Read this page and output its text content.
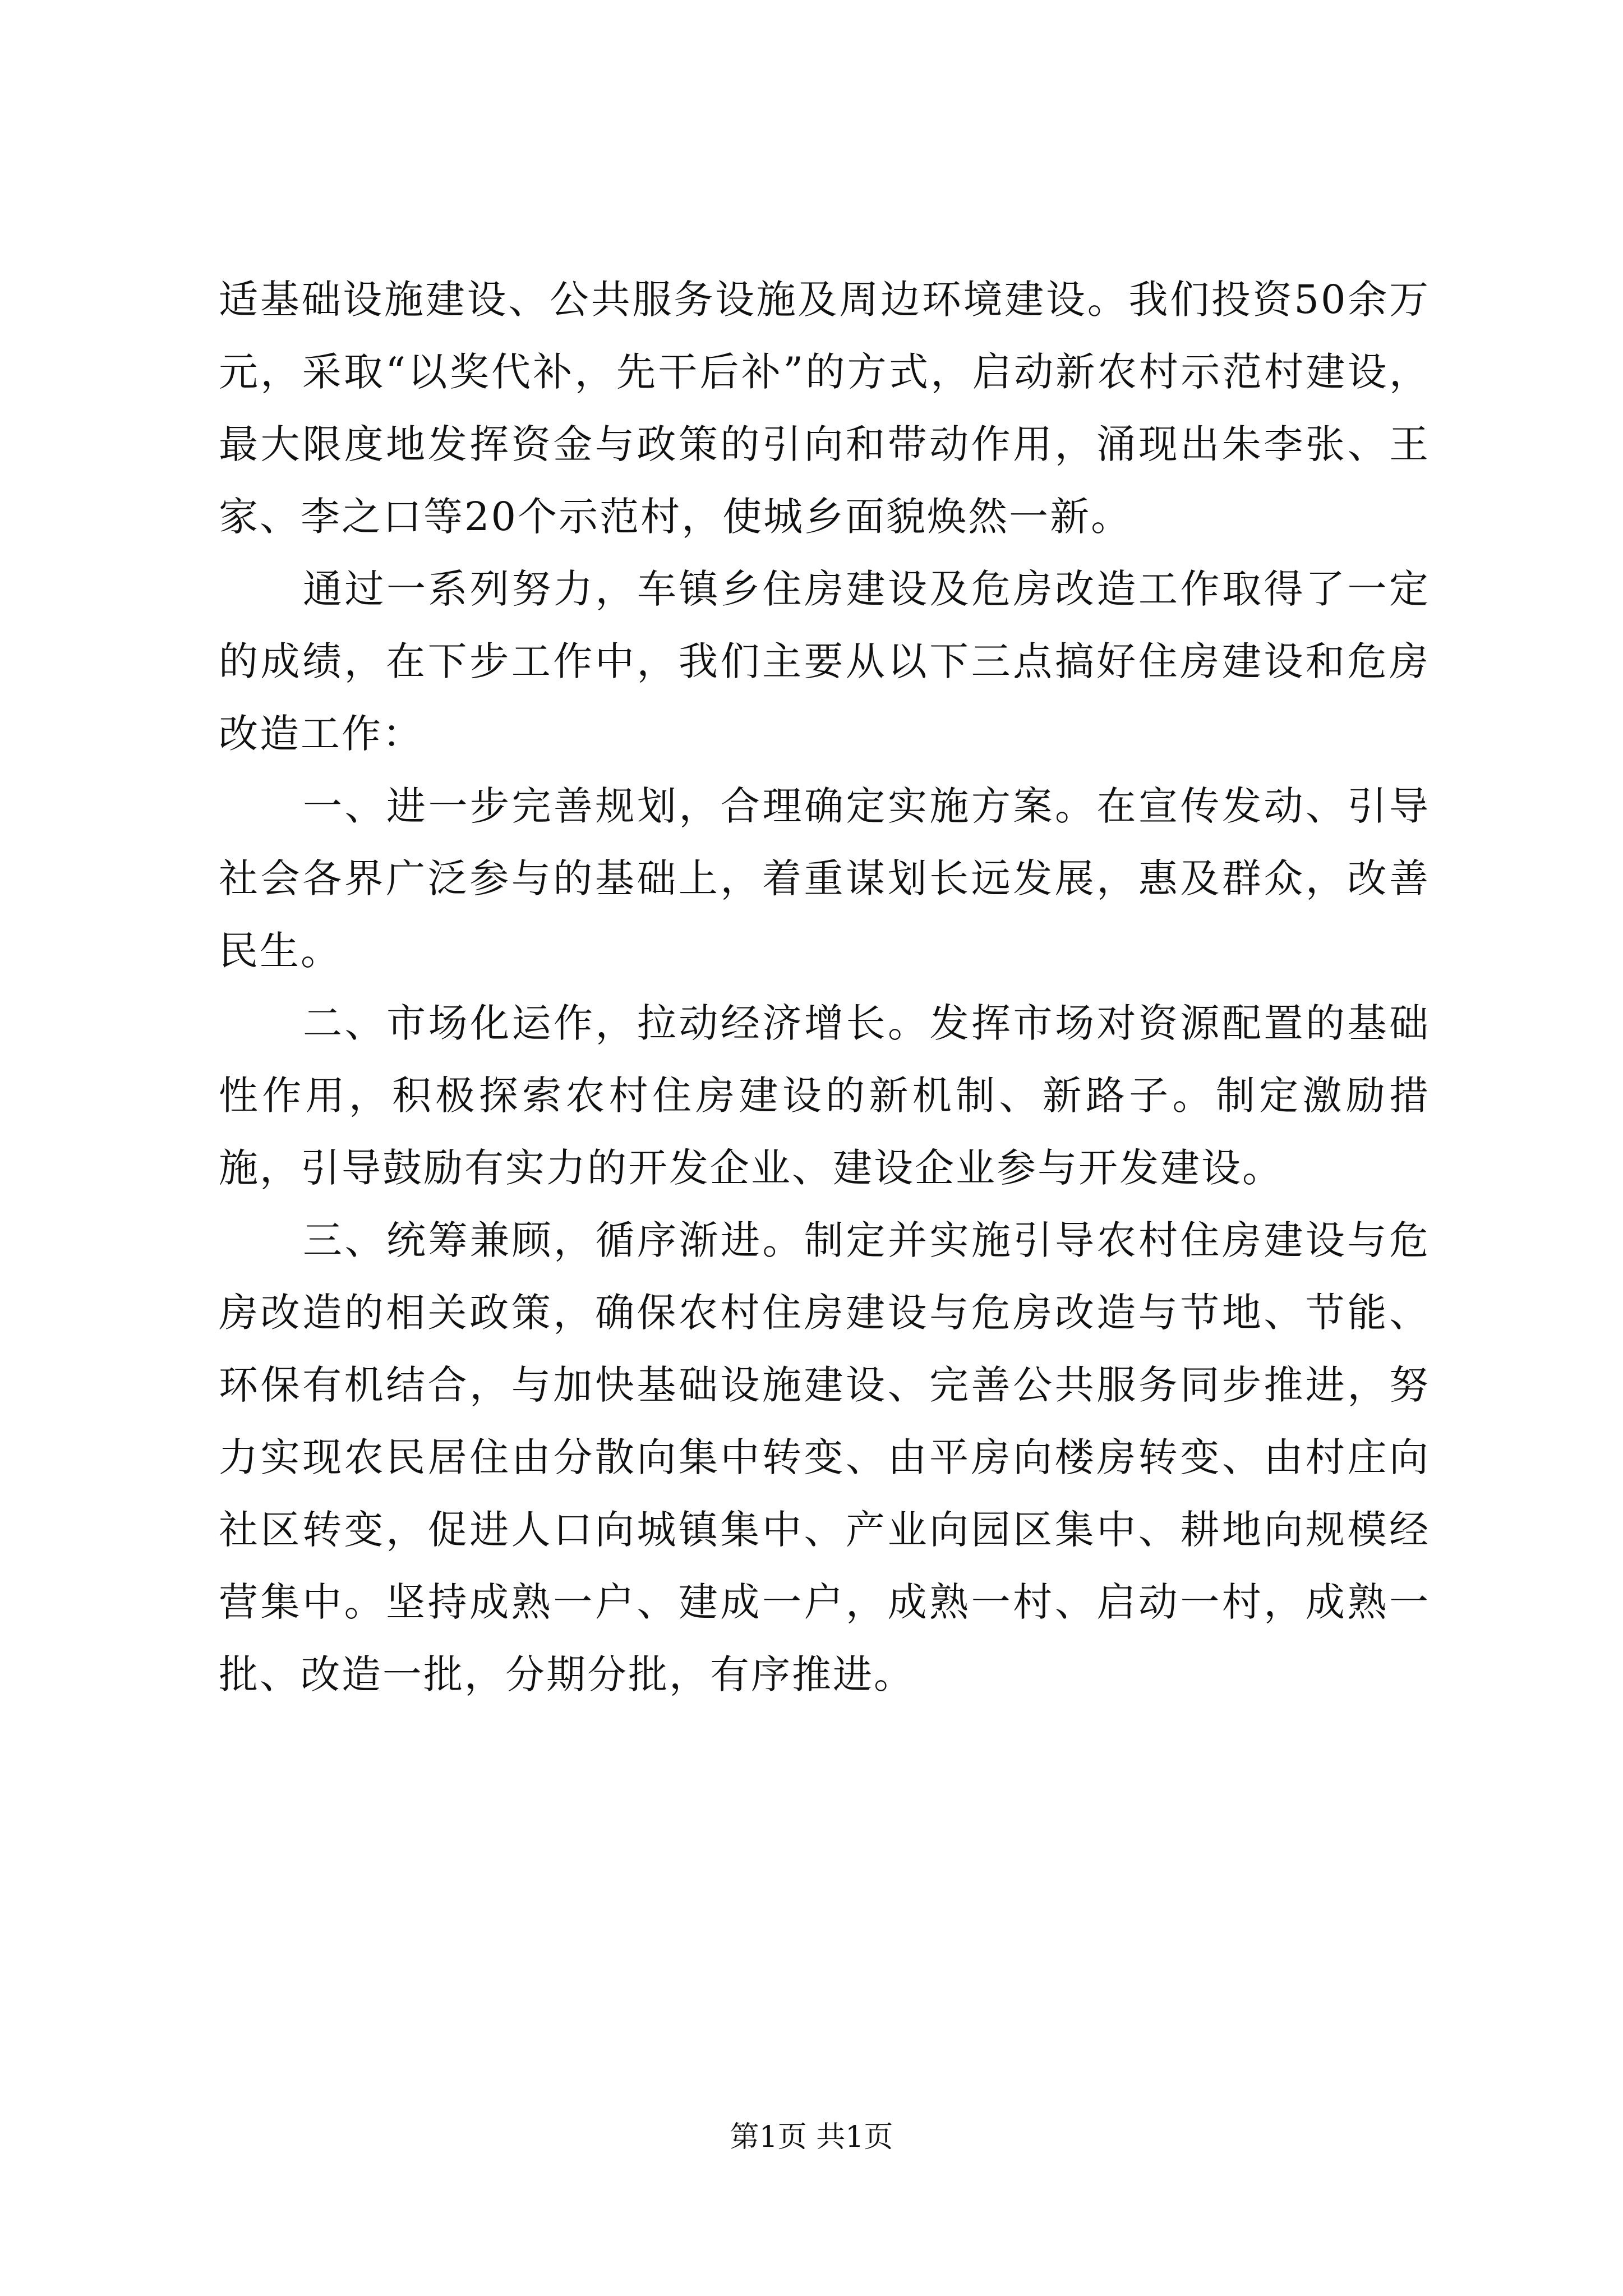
适基础设施建设、公共服务设施及周边环境建设。我们投资50余万元，采取“以奖代补，先干后补”的方式，启动新农村示范村建设，最大限度地发挥资金与政策的引向和带动作用，涌现出朱李张、王家、李之口等20个示范村，使城乡面貌焕然一新。

通过一系列努力，车镇乡住房建设及危房改造工作取得了一定的成绩，在下步工作中，我们主要从以下三点搞好住房建设和危房改造工作：

一、进一步完善规划，合理确定实施方案。在宣传发动、引导社会各界广泛参与的基础上，着重谋划长远发展，惠及群众，改善民生。

二、市场化运作，拉动经济增长。发挥市场对资源配置的基础性作用，积极探索农村住房建设的新机制、新路子。制定激励措施，引导鼓励有实力的开发企业、建设企业参与开发建设。

三、统筹兼顾，循序渐进。制定并实施引导农村住房建设与危房改造的相关政策，确保农村住房建设与危房改造与节地、节能、环保有机结合，与加快基础设施建设、完善公共服务同步推进，努力实现农民居住由分散向集中转变、由平房向楼房转变、由村庄向社区转变，促进人口向城镇集中、产业向园区集中、耕地向规模经营集中。坚持成熟一户、建成一户，成熟一村、启动一村，成熟一批、改造一批，分期分批，有序推进。

第1页 共1页
